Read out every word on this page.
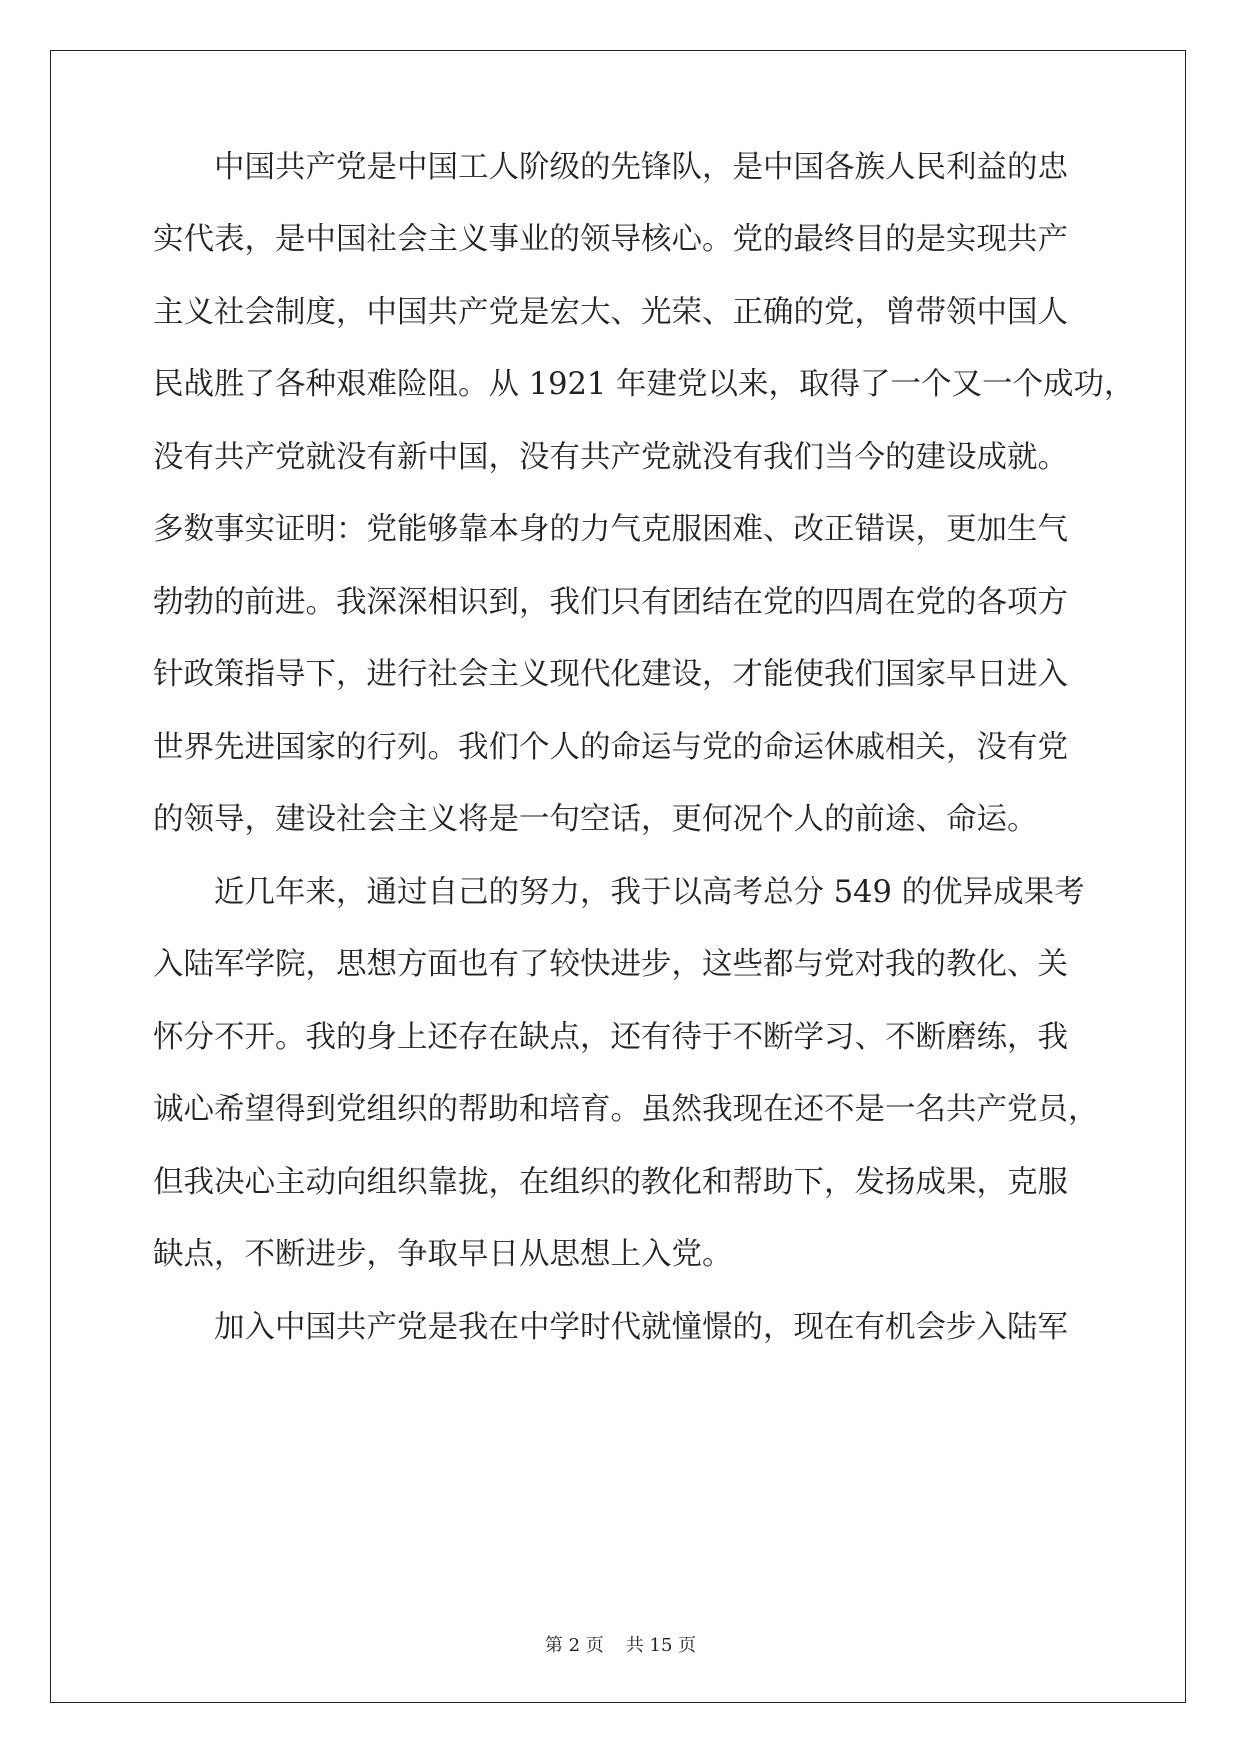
中国共产党是中国工人阶级的先锋队，是中国各族人民利益的忠
实代表，是中国社会主义事业的领导核心。党的最终目的是实现共产
主义社会制度，中国共产党是宏大、光荣、正确的党，曾带领中国人
民战胜了各种艰难险阻。从 1921 年建党以来，取得了一个又一个成功，
没有共产党就没有新中国，没有共产党就没有我们当今的建设成就。
多数事实证明：党能够靠本身的力气克服困难、改正错误，更加生气
勃勃的前进。我深深相识到，我们只有团结在党的四周在党的各项方
针政策指导下，进行社会主义现代化建设，才能使我们国家早日进入
世界先进国家的行列。我们个人的命运与党的命运休戚相关，没有党
的领导，建设社会主义将是一句空话，更何况个人的前途、命运。
近几年来，通过自己的努力，我于以高考总分 549 的优异成果考
入陆军学院，思想方面也有了较快进步，这些都与党对我的教化、关
怀分不开。我的身上还存在缺点，还有待于不断学习、不断磨练，我
诚心希望得到党组织的帮助和培育。虽然我现在还不是一名共产党员，
但我决心主动向组织靠拢，在组织的教化和帮助下，发扬成果，克服
缺点，不断进步，争取早日从思想上入党。
加入中国共产党是我在中学时代就憧憬的，现在有机会步入陆军
第 2 页 共 15 页
